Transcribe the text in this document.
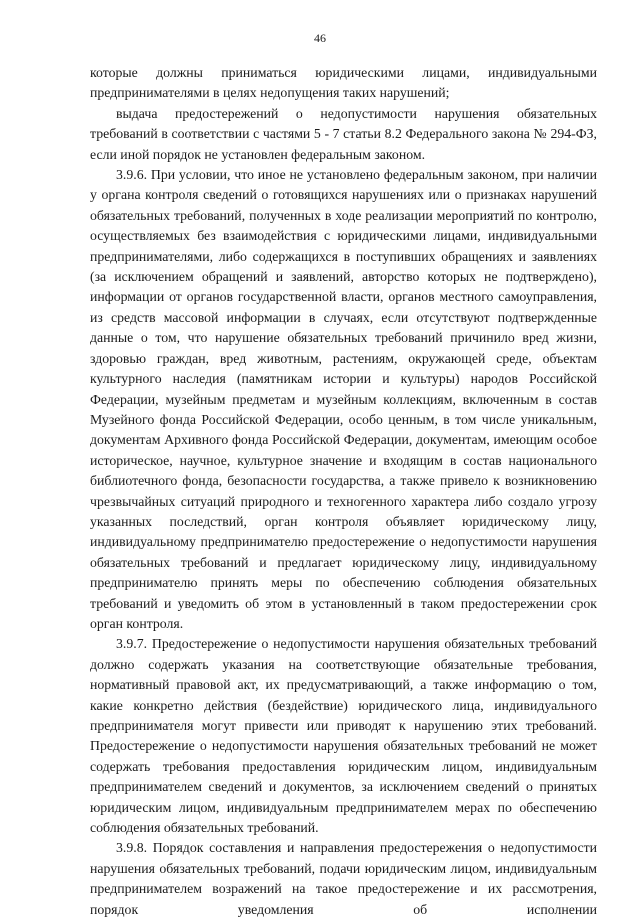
46

которые должны приниматься юридическими лицами, индивидуальными предпринимателями в целях недопущения таких нарушений;

выдача предостережений о недопустимости нарушения обязательных требований в соответствии с частями 5 - 7 статьи 8.2 Федерального закона № 294-ФЗ, если иной порядок не установлен федеральным законом.

3.9.6. При условии, что иное не установлено федеральным законом, при наличии у органа контроля сведений о готовящихся нарушениях или о признаках нарушений обязательных требований, полученных в ходе реализации мероприятий по контролю, осуществляемых без взаимодействия с юридическими лицами, индивидуальными предпринимателями, либо содержащихся в поступивших обращениях и заявлениях (за исключением обращений и заявлений, авторство которых не подтверждено), информации от органов государственной власти, органов местного самоуправления, из средств массовой информации в случаях, если отсутствуют подтвержденные данные о том, что нарушение обязательных требований причинило вред жизни, здоровью граждан, вред животным, растениям, окружающей среде, объектам культурного наследия (памятникам истории и культуры) народов Российской Федерации, музейным предметам и музейным коллекциям, включенным в состав Музейного фонда Российской Федерации, особо ценным, в том числе уникальным, документам Архивного фонда Российской Федерации, документам, имеющим особое историческое, научное, культурное значение и входящим в состав национального библиотечного фонда, безопасности государства, а также привело к возникновению чрезвычайных ситуаций природного и техногенного характера либо создало угрозу указанных последствий, орган контроля объявляет юридическому лицу, индивидуальному предпринимателю предостережение о недопустимости нарушения обязательных требований и предлагает юридическому лицу, индивидуальному предпринимателю принять меры по обеспечению соблюдения обязательных требований и уведомить об этом в установленный в таком предостережении срок орган контроля.

3.9.7. Предостережение о недопустимости нарушения обязательных требований должно содержать указания на соответствующие обязательные требования, нормативный правовой акт, их предусматривающий, а также информацию о том, какие конкретно действия (бездействие) юридического лица, индивидуального предпринимателя могут привести или приводят к нарушению этих требований. Предостережение о недопустимости нарушения обязательных требований не может содержать требования предоставления юридическим лицом, индивидуальным предпринимателем сведений и документов, за исключением сведений о принятых юридическим лицом, индивидуальным предпринимателем мерах по обеспечению соблюдения обязательных требований.

3.9.8. Порядок составления и направления предостережения о недопустимости нарушения обязательных требований, подачи юридическим лицом, индивидуальным предпринимателем возражений на такое предостережение и их рассмотрения, порядок уведомления об исполнении
